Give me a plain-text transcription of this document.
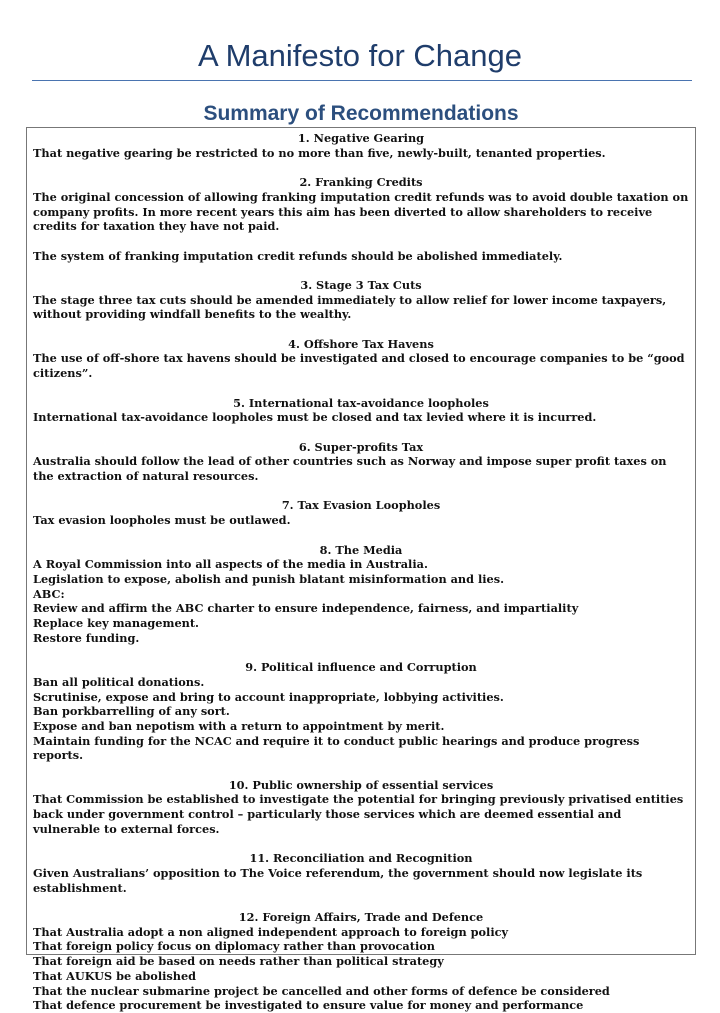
A Manifesto for Change
Summary of Recommendations
1. Negative Gearing
That negative gearing be restricted to no more than five, newly-built, tenanted properties.
2. Franking Credits
The original concession of allowing franking imputation credit refunds was to avoid double taxation on company profits. In more recent years this aim has been diverted to allow shareholders to receive credits for taxation they have not paid.
The system of franking imputation credit refunds should be abolished immediately.
3. Stage 3 Tax Cuts
The stage three tax cuts should be amended immediately to allow relief for lower income taxpayers, without providing windfall benefits to the wealthy.
4. Offshore Tax Havens
The use of off-shore tax havens should be investigated and closed to encourage companies to be “good citizens”.
5. International tax-avoidance loopholes
International tax-avoidance loopholes must be closed and tax levied where it is incurred.
6. Super-profits Tax
Australia should follow the lead of other countries such as Norway and impose super profit taxes on the extraction of natural resources.
7. Tax Evasion Loopholes
Tax evasion loopholes must be outlawed.
8. The Media
A Royal Commission into all aspects of the media in Australia.
Legislation to expose, abolish and punish blatant misinformation and lies.
ABC:
Review and affirm the ABC charter to ensure independence, fairness, and impartiality
Replace key management.
Restore funding.
9. Political influence and Corruption
Ban all political donations.
Scrutinise, expose and bring to account inappropriate, lobbying activities.
Ban porkbarrelling of any sort.
Expose and ban nepotism with a return to appointment by merit.
Maintain funding for the NCAC and require it to conduct public hearings and produce progress reports.
10. Public ownership of essential services
That Commission be established to investigate the potential for bringing previously privatised entities back under government control – particularly those services which are deemed essential and vulnerable to external forces.
11. Reconciliation and Recognition
Given Australians’ opposition to The Voice referendum, the government should now legislate its establishment.
12. Foreign Affairs, Trade and Defence
That Australia adopt a non aligned independent approach to foreign policy
That foreign policy focus on diplomacy rather than provocation
That foreign aid be based on needs rather than political strategy
That AUKUS be abolished
That the nuclear submarine project be cancelled and other forms of defence be considered
That defence procurement be investigated to ensure value for money and performance
